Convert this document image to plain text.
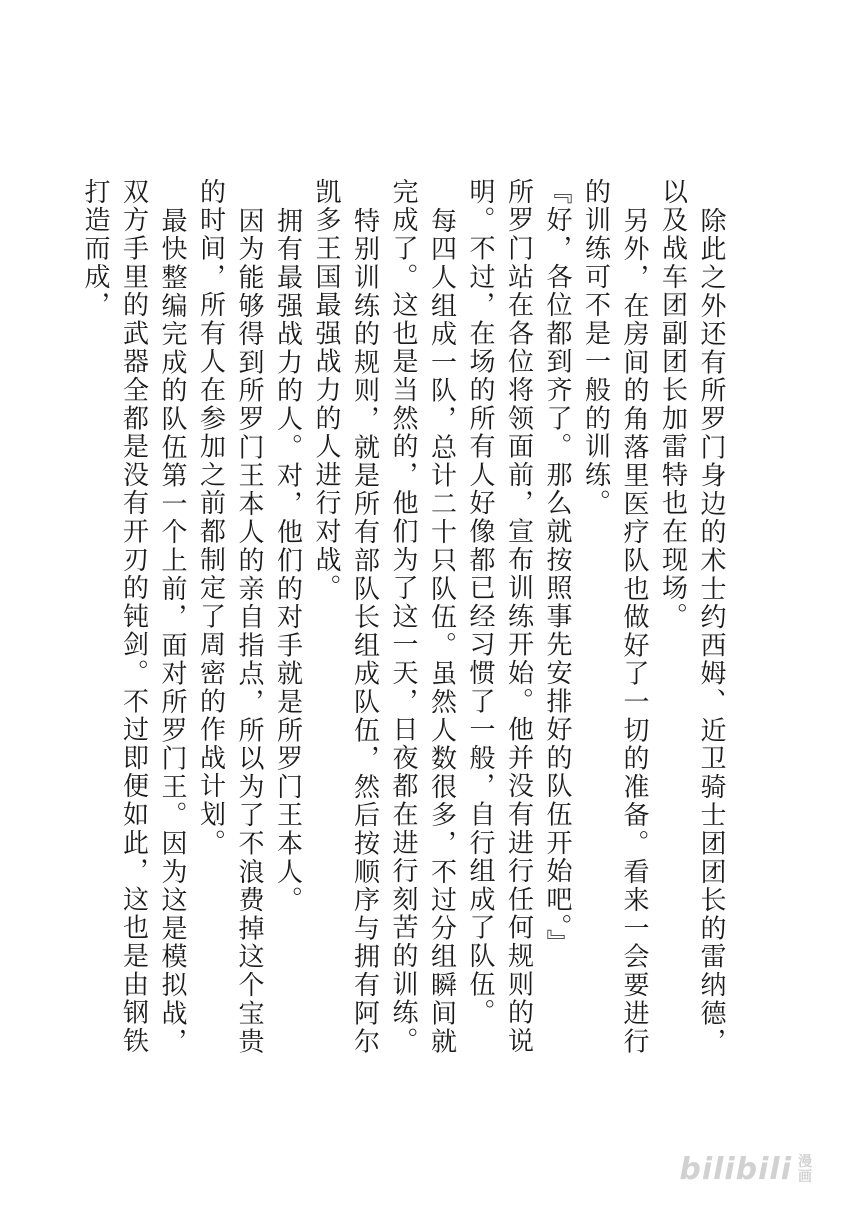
除此之外还有所罗门身边的术士约西姆、近卫骑士团团长的雷纳德，以及战车团副团长加雷特也在现场。

另外，在房间的角落里医疗队也做好了一切的准备。看来一会要进行的训练可不是一般的训练。

『好，各位都到齐了。那么就按照事先安排好的队伍开始吧。』

所罗门站在各位将领面前，宣布训练开始。他并没有进行任何规则的说明。不过，在场的所有人好像都已经习惯了一般，自行组成了队伍。

每四人组成一队，总计二十只队伍。虽然人数很多，不过分组瞬间就完成了。这也是当然的，他们为了这一天，日夜都在进行刻苦的训练。

特别训练的规则，就是所有部队长组成队伍，然后按顺序与拥有阿尔凯多王国最强战力的人进行对战。

拥有最强战力的人。对，他们的对手就是所罗门王本人。

因为能够得到所罗门王本人的亲自指点，所以为了不浪费掉这个宝贵的时间，所有人在参加之前都制定了周密的作战计划。

最快整编完成的队伍第一个上前，面对所罗门王。因为这是模拟战，双方手里的武器全都是没有开刃的钝剑。不过即便如此，这也是由钢铁打造而成，

bilibili 漫
画
